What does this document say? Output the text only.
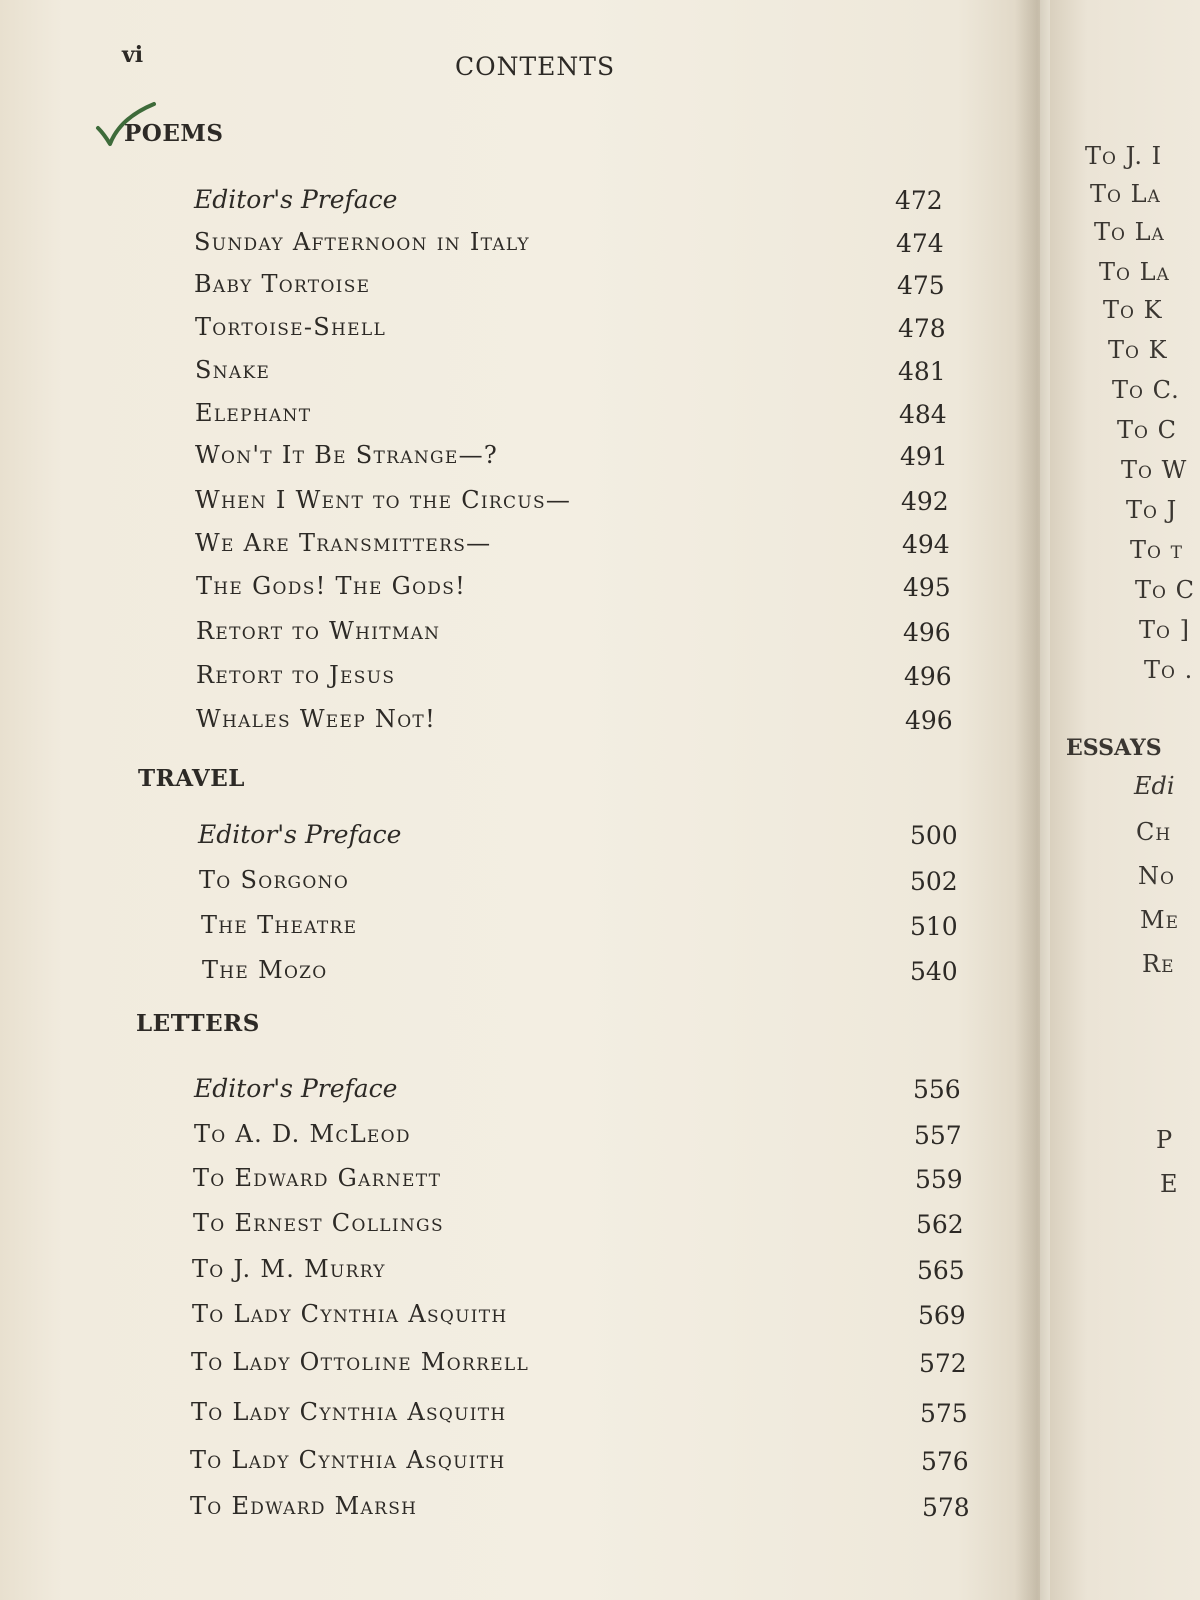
vi	CONTENTS
POEMS
Editor's Preface	472
Sunday Afternoon in Italy	474
Baby Tortoise	475
Tortoise-Shell	478
Snake	481
Elephant	484
Won't It Be Strange—?	491
When I Went to the Circus—	492
We Are Transmitters—	494
The Gods! The Gods!	495
Retort to Whitman	496
Retort to Jesus	496
Whales Weep Not!	496
TRAVEL
Editor's Preface	500
To Sorgono	502
The Theatre	510
The Mozo	540
LETTERS
Editor's Preface	556
To A. D. McLeod	557
To Edward Garnett	559
To Ernest Collings	562
To J. M. Murry	565
To Lady Cynthia Asquith	569
To Lady Ottoline Morrell	572
To Lady Cynthia Asquith	575
To Lady Cynthia Asquith	576
To Edward Marsh	578
To J. I
To La
To La
To La
To K
To K
To C.
To C
To W
To J
To t
To C
To ]
To .
ESSAYS
Edi
Ch
No
Me
Re
P
E
